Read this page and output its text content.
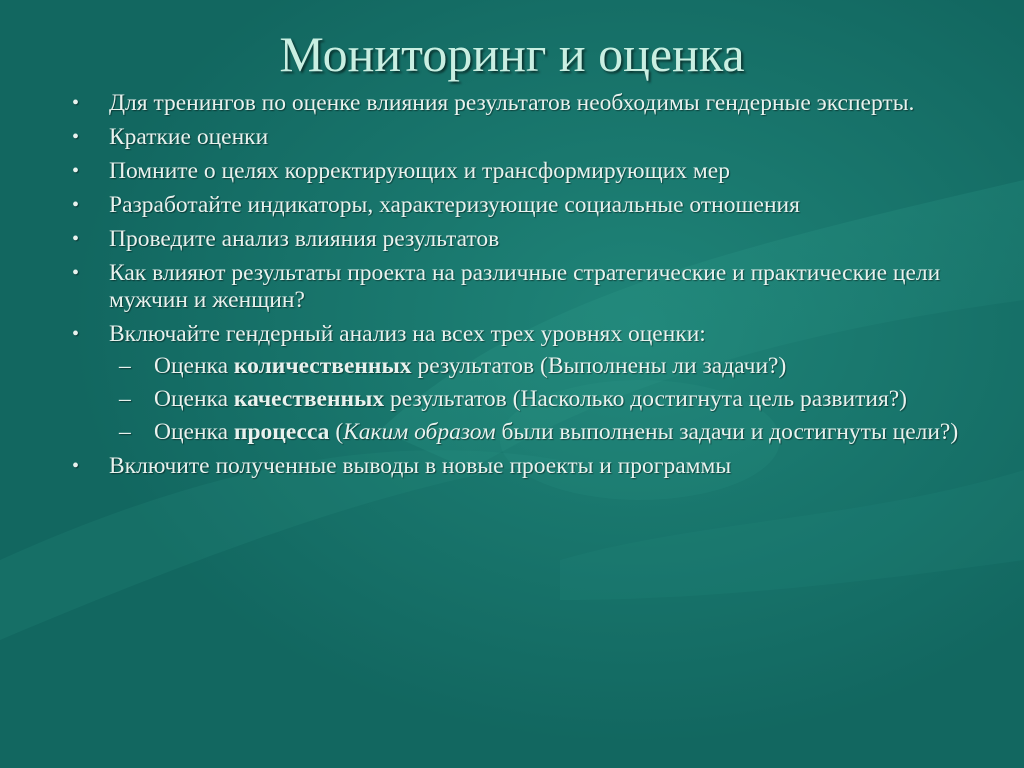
Мониторинг и оценка
•	Для тренингов по оценке влияния результатов необходимы гендерные эксперты.
•	Краткие оценки
•	Помните о целях корректирующих и трансформирующих мер
•	Разработайте индикаторы, характеризующие социальные отношения
•	Проведите анализ влияния результатов
•	Как влияют результаты проекта на различные стратегические и практические цели мужчин и женщин?
•	Включайте гендерный анализ на всех трех уровнях оценки:
– Оценка количественных результатов (Выполнены ли задачи?)
– Оценка качественных результатов (Насколько достигнута цель развития?)
– Оценка процесса (Каким образом были выполнены задачи и достигнуты цели?)
•	Включите полученные выводы в новые проекты и программы
